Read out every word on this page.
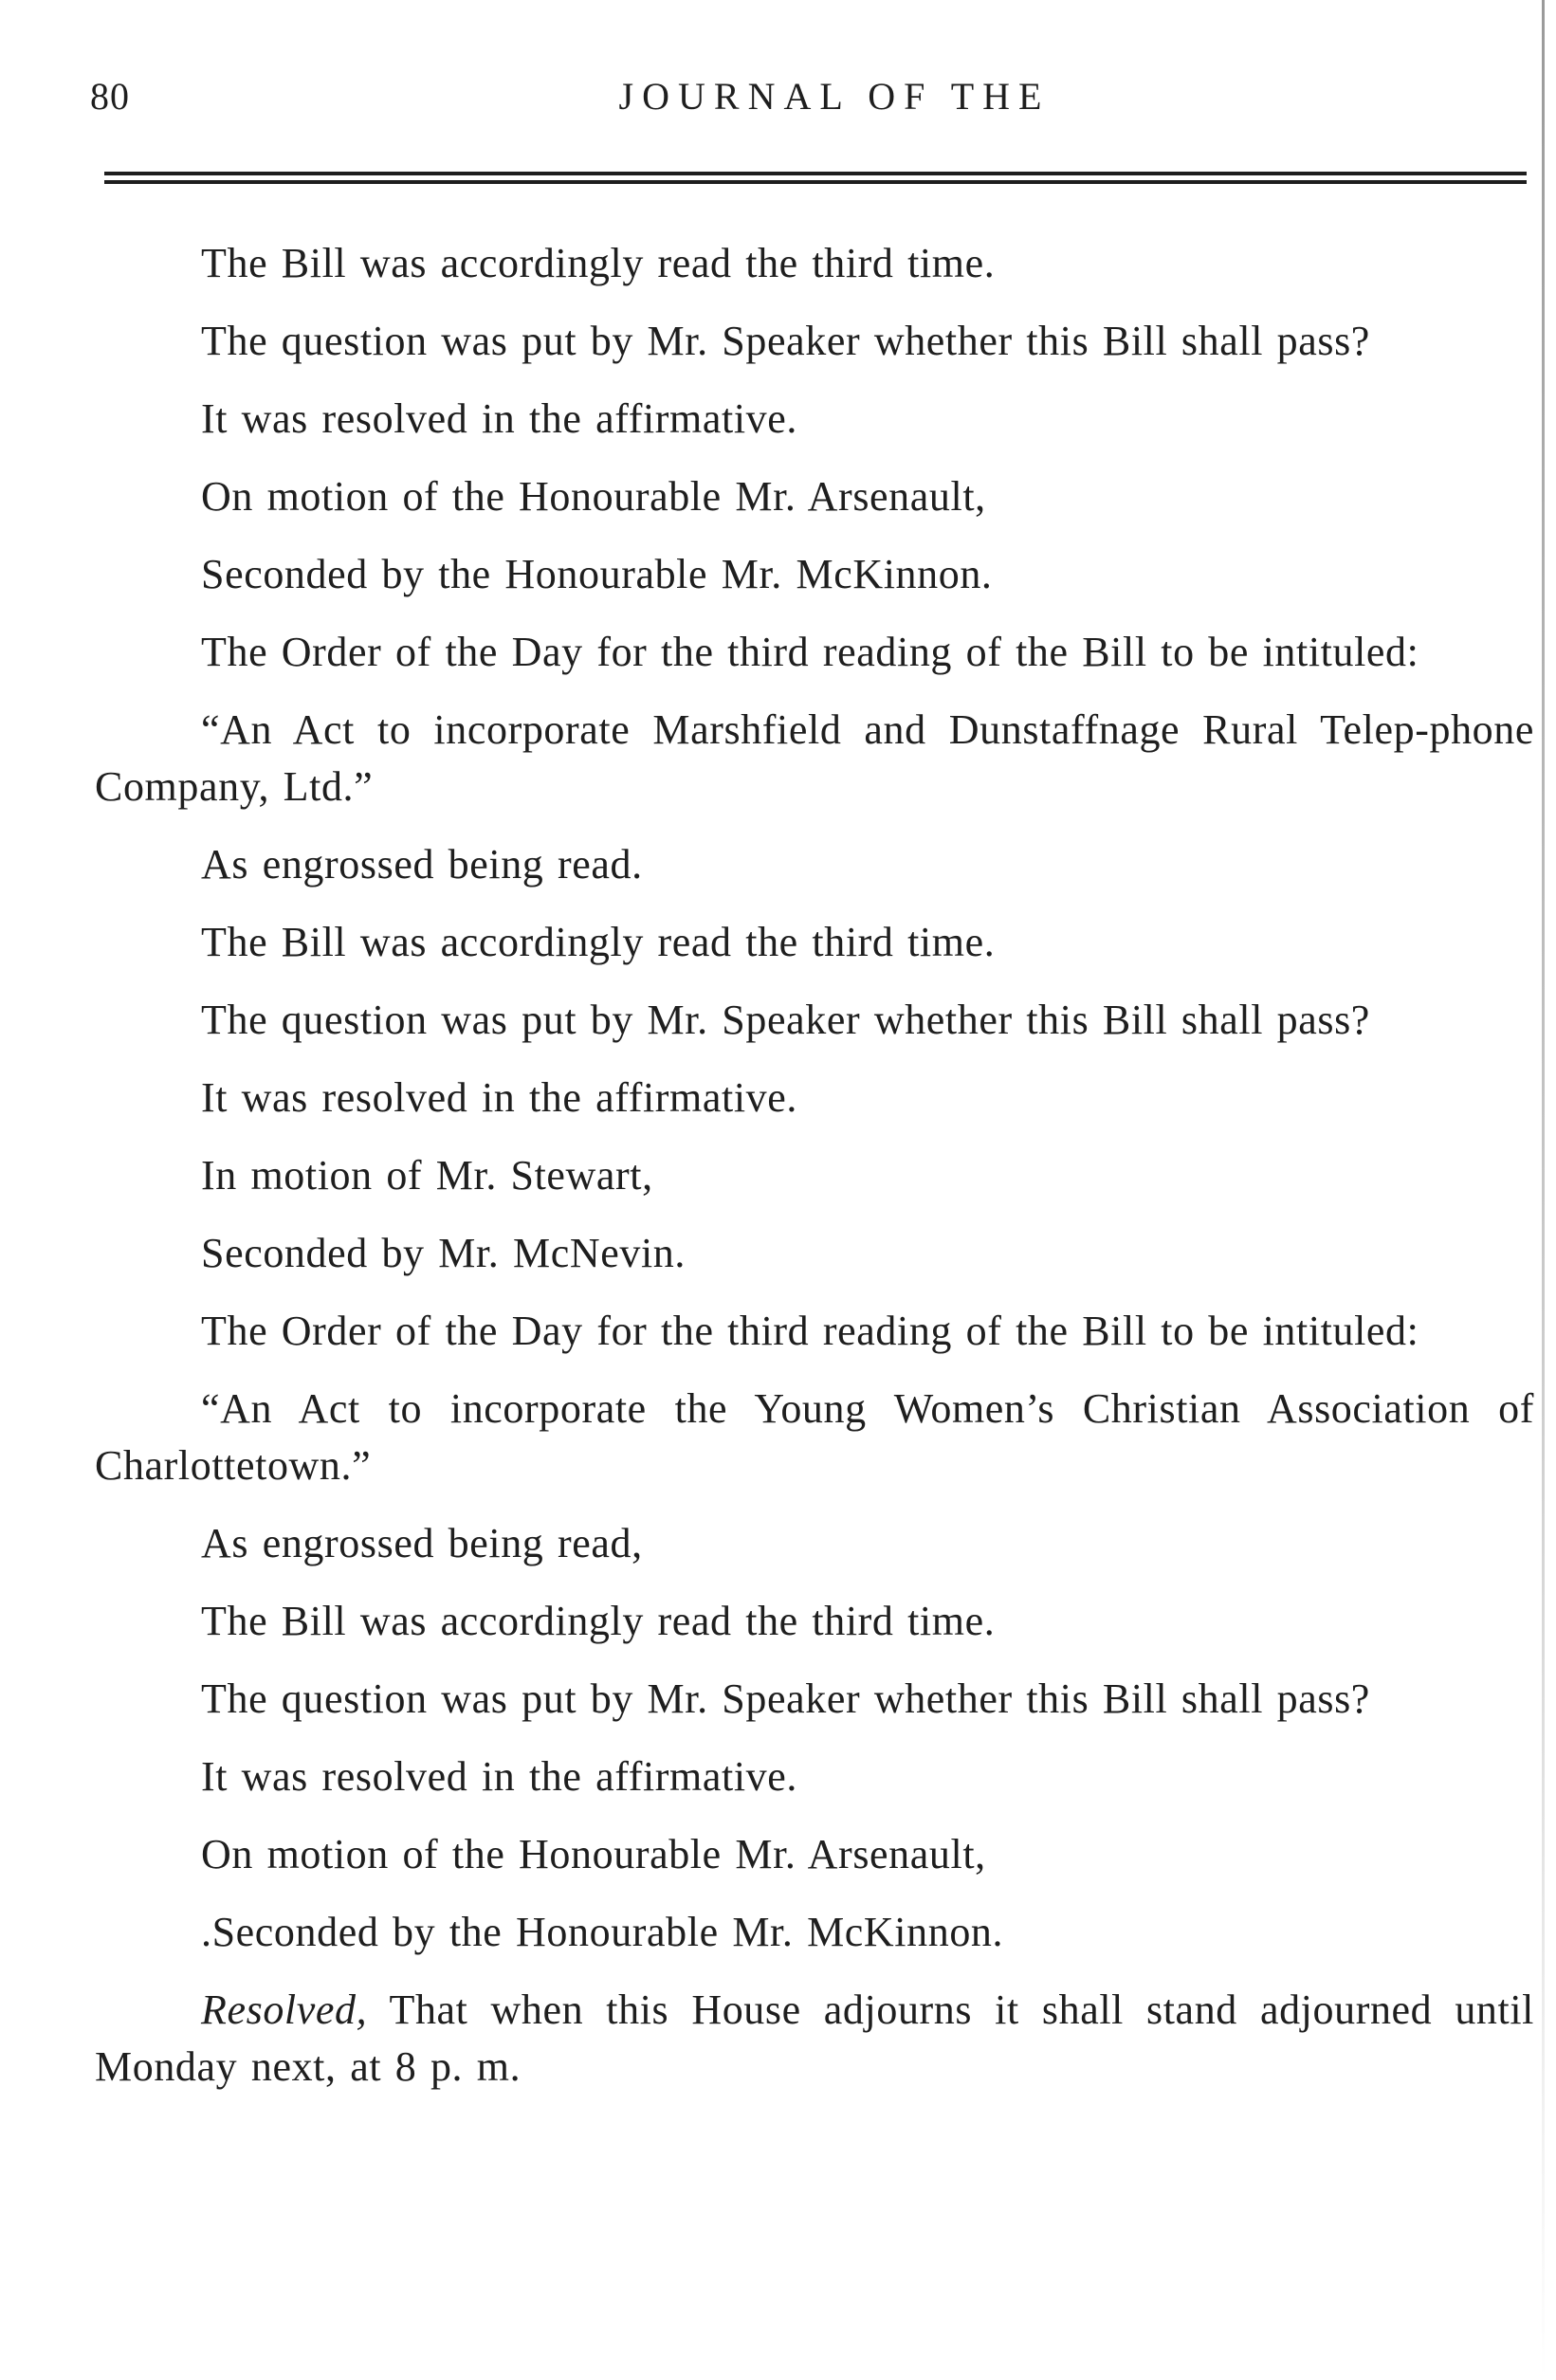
80	JOURNAL OF THE

The Bill was accordingly read the third time.

The question was put by Mr. Speaker whether this Bill shall pass?

It was resolved in the affirmative.

On motion of the Honourable Mr. Arsenault,

Seconded by the Honourable Mr. McKinnon.

The Order of the Day for the third reading of the Bill to be intituled:

“An Act to incorporate Marshfield and Dunstaffnage Rural Telep-phone Company, Ltd.”

As engrossed being read.

The Bill was accordingly read the third time.

The question was put by Mr. Speaker whether this Bill shall pass?

It was resolved in the affirmative.

In motion of Mr. Stewart,

Seconded by Mr. McNevin.

The Order of the Day for the third reading of the Bill to be intituled:

“An Act to incorporate the Young Women’s Christian Association of Charlottetown.”

As engrossed being read,

The Bill was accordingly read the third time.

The question was put by Mr. Speaker whether this Bill shall pass?

It was resolved in the affirmative.

On motion of the Honourable Mr. Arsenault,

.Seconded by the Honourable Mr. McKinnon.

Resolved, That when this House adjourns it shall stand adjourned until Monday next, at 8 p. m.
